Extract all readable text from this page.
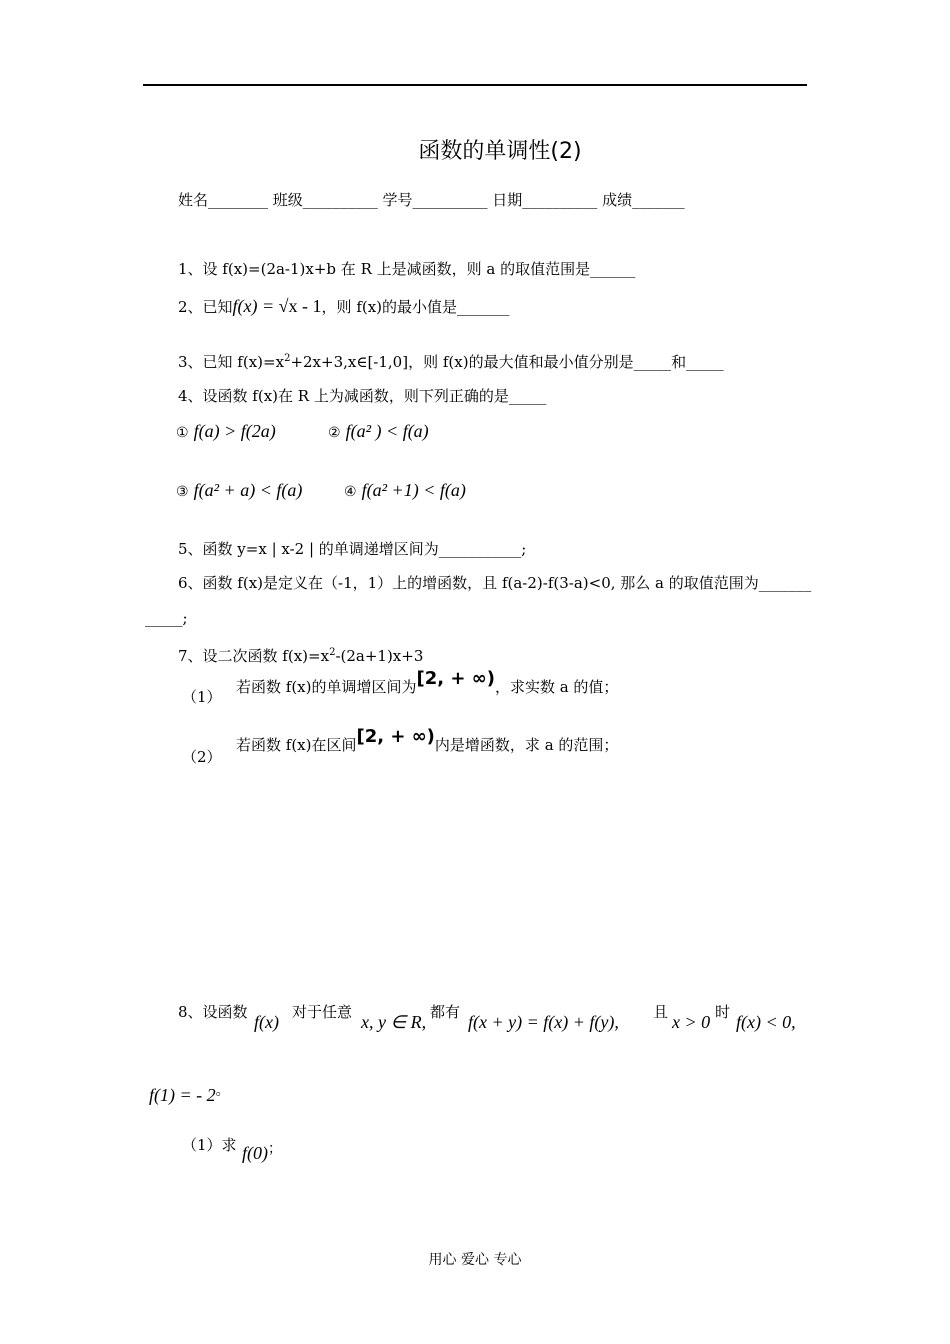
函数的单调性(2)
姓名________ 班级__________ 学号__________ 日期__________ 成绩_______
1、设 f(x)=(2a-1)x+b 在 R 上是减函数，则 a 的取值范围是______
2、已知f(x) = √x - 1，则 f(x)的最小值是_______
3、已知 $f(x)=x^2+2x+3,x\in[-1,0]$，则 f(x)的最大值和最小值分别是_____和_____
4、设函数 f(x)在 R 上为减函数，则下列正确的是_____
① f(a) > f(2a)	② f(a² ) < f(a)
③ f(a² + a) < f(a)	④ f(a² +1) < f(a)
5、函数 y=x | x-2 | 的单调递增区间为___________;
6、函数 f(x)是定义在（-1，1）上的增函数，且 f(a-2)-f(3-a)<0, 那么 a 的取值范围为_______
_____;
7、设二次函数 $f(x)=x^2-(2a+1)x+3$
（1）
若函数 f(x)的单调增区间为[2, + ∞)，求实数 a 的值；
（2）
若函数 f(x)在区间[2, + ∞)内是增函数，求 a 的范围；
8、设函数 f(x) 对于任意 x, y ∈ R, 都有 f(x + y) = f(x) + f(y), 且 x > 0 时 f(x) < 0,
f(1) = - 2。
（1）求 f(0)；
用心 爱心 专心
